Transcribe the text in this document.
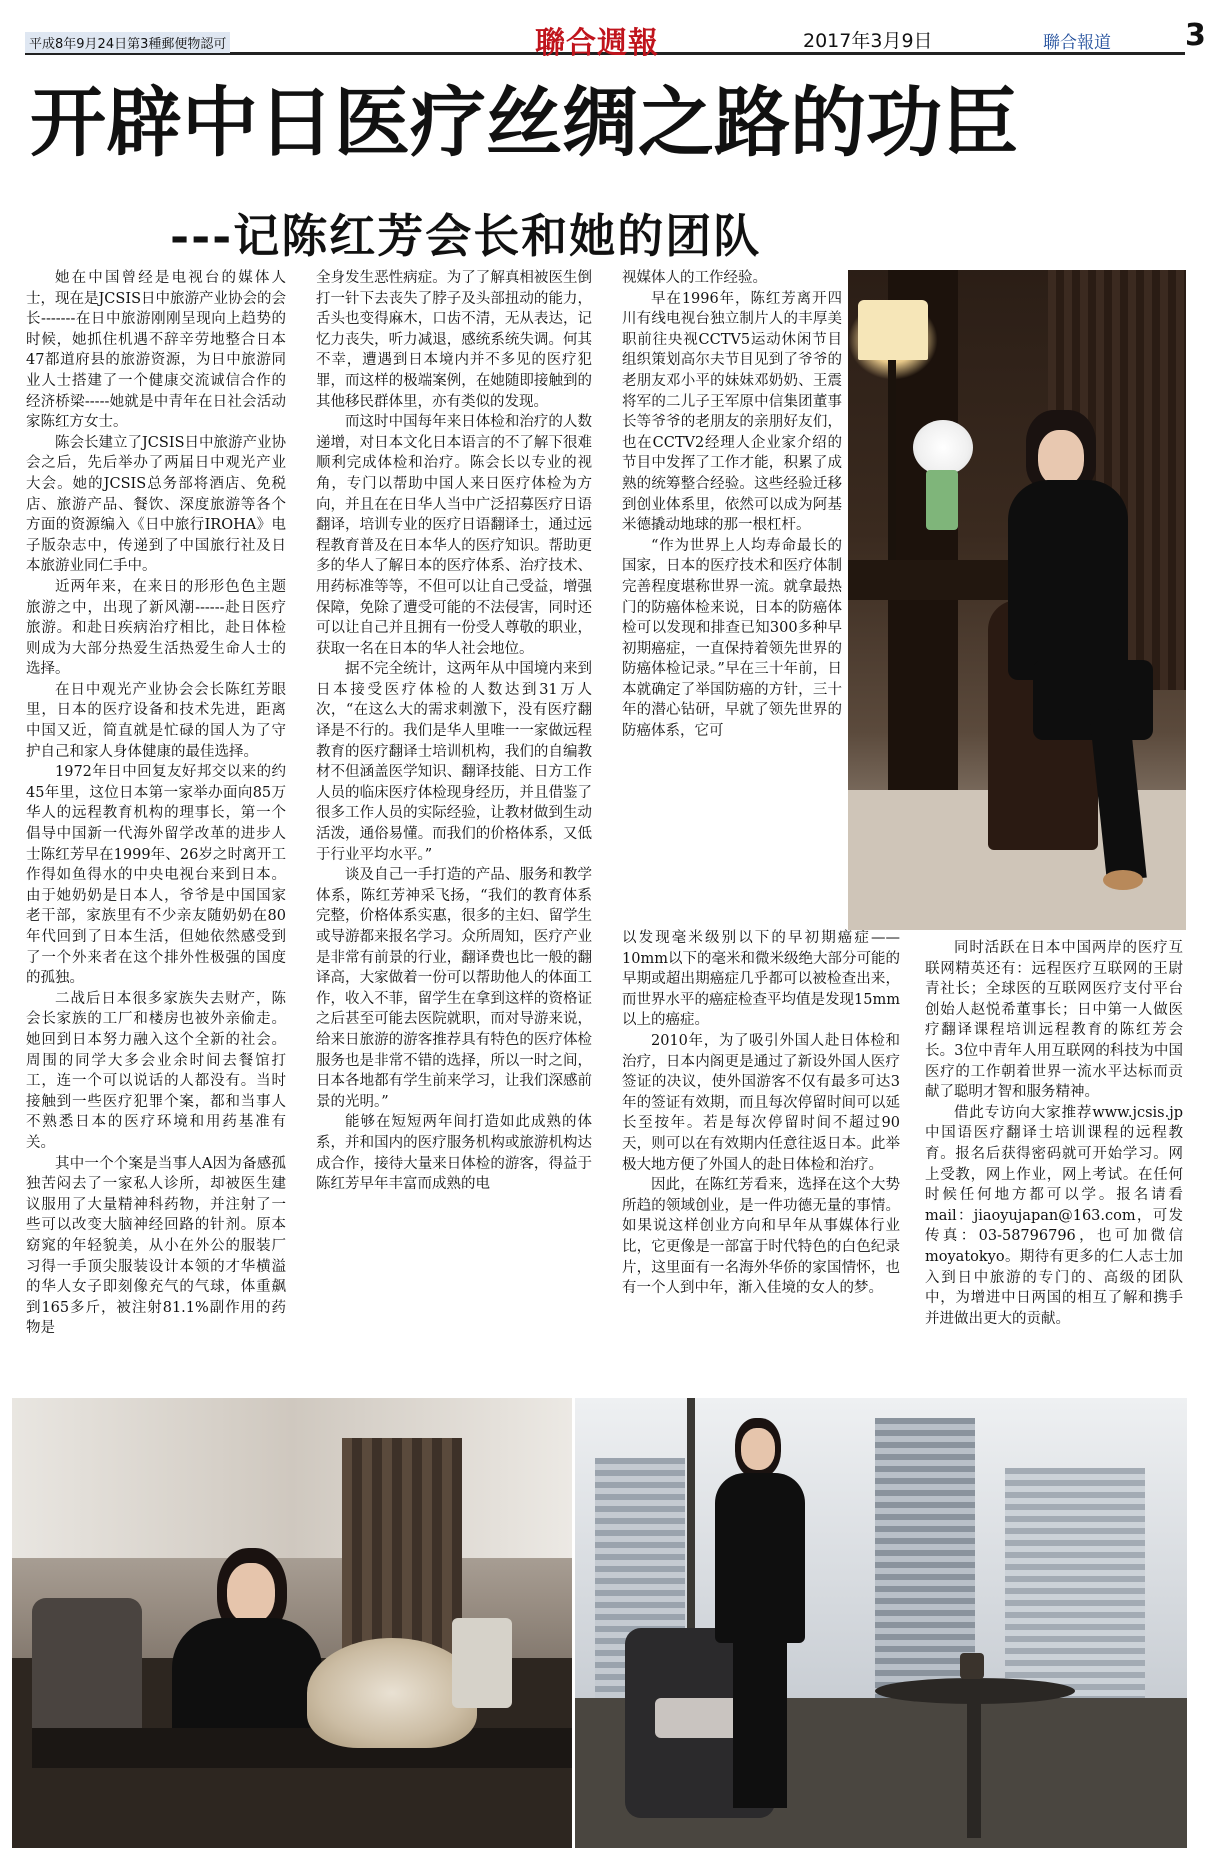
平成8年9月24日第3種郵便物認可	聯合週報	2017年3月9日	聯合報道 3
开辟中日医疗丝绸之路的功臣
---记陈红芳会长和她的团队

她在中国曾经是电视台的媒体人士，现在是JCSIS日中旅游产业协会的会长-------在日中旅游刚刚呈现向上趋势的时候，她抓住机遇不辞辛劳地整合日本47都道府县的旅游资源，为日中旅游同业人士搭建了一个健康交流诚信合作的经济桥梁-----她就是中青年在日社会活动家陈红方女士。

陈会长建立了JCSIS日中旅游产业协会之后，先后举办了两届日中观光产业大会。她的JCSIS总务部将酒店、免税店、旅游产品、餐饮、深度旅游等各个方面的资源编入《日中旅行IROHA》电子版杂志中，传递到了中国旅行社及日本旅游业同仁手中。

近两年来，在来日的形形色色主题旅游之中，出现了新风潮------赴日医疗旅游。和赴日疾病治疗相比，赴日体检则成为大部分热爱生活热爱生命人士的选择。

在日中观光产业协会会长陈红芳眼里，日本的医疗设备和技术先进，距离中国又近，简直就是忙碌的国人为了守护自己和家人身体健康的最佳选择。

1972年日中回复友好邦交以来的约45年里，这位日本第一家举办面向85万华人的远程教育机构的理事长，第一个倡导中国新一代海外留学改革的进步人士陈红芳早在1999年、26岁之时离开工作得如鱼得水的中央电视台来到日本。由于她奶奶是日本人，爷爷是中国国家老干部，家族里有不少亲友随奶奶在80年代回到了日本生活，但她依然感受到了一个外来者在这个排外性极强的国度的孤独。

二战后日本很多家族失去财产，陈会长家族的工厂和楼房也被外亲偷走。她回到日本努力融入这个全新的社会。周围的同学大多会业余时间去餐馆打工，连一个可以说话的人都没有。当时接触到一些医疗犯罪个案，都和当事人不熟悉日本的医疗环境和用药基准有关。

其中一个个案是当事人A因为备感孤独苦闷去了一家私人诊所，却被医生建议服用了大量精神科药物，并注射了一些可以改变大脑神经回路的针剂。原本窈窕的年轻貌美，从小在外公的服装厂习得一手顶尖服装设计本领的才华横溢的华人女子即刻像充气的气球，体重飙到165多斤，被注射81.1%副作用的药物是

全身发生恶性病症。为了了解真相被医生倒打一针下去丧失了脖子及头部扭动的能力，舌头也变得麻木，口齿不清，无从表达，记忆力丧失，听力减退，感统系统失调。何其不幸，遭遇到日本境内并不多见的医疗犯罪，而这样的极端案例，在她随即接触到的其他移民群体里，亦有类似的发现。

而这时中国每年来日体检和治疗的人数递增，对日本文化日本语言的不了解下很难顺利完成体检和治疗。陈会长以专业的视角，专门以帮助中国人来日医疗体检为方向，并且在在日华人当中广泛招募医疗日语翻译，培训专业的医疗日语翻译士，通过远程教育普及在日本华人的医疗知识。帮助更多的华人了解日本的医疗体系、治疗技术、用药标准等等，不但可以让自己受益，增强保障，免除了遭受可能的不法侵害，同时还可以让自己并且拥有一份受人尊敬的职业，获取一名在日本的华人社会地位。

据不完全统计，这两年从中国境内来到日本接受医疗体检的人数达到31万人次，“在这么大的需求刺激下，没有医疗翻译是不行的。我们是华人里唯一一家做远程教育的医疗翻译士培训机构，我们的自编教材不但涵盖医学知识、翻译技能、日方工作人员的临床医疗体检现身经历，并且借鉴了很多工作人员的实际经验，让教材做到生动活泼，通俗易懂。而我们的价格体系，又低于行业平均水平。”

谈及自己一手打造的产品、服务和教学体系，陈红芳神采飞扬，“我们的教育体系完整，价格体系实惠，很多的主妇、留学生或导游都来报名学习。众所周知，医疗产业是非常有前景的行业，翻译费也比一般的翻译高，大家做着一份可以帮助他人的体面工作，收入不菲，留学生在拿到这样的资格证之后甚至可能去医院就职，而对导游来说，给来日旅游的游客推荐具有特色的医疗体检服务也是非常不错的选择，所以一时之间，日本各地都有学生前来学习，让我们深感前景的光明。”

能够在短短两年间打造如此成熟的体系，并和国内的医疗服务机构或旅游机构达成合作，接待大量来日体检的游客，得益于陈红芳早年丰富而成熟的电

视媒体人的工作经验。

早在1996年，陈红芳离开四川有线电视台独立制片人的丰厚美职前往央视CCTV5运动休闲节目组织策划高尔夫节目见到了爷爷的老朋友邓小平的妹妹邓奶奶、王震将军的二儿子王军原中信集团董事长等爷爷的老朋友的亲朋好友们，也在CCTV2经理人企业家介绍的节目中发挥了工作才能，积累了成熟的统筹整合经验。这些经验迁移到创业体系里，依然可以成为阿基米德撬动地球的那一根杠杆。

“作为世界上人均寿命最长的国家，日本的医疗技术和医疗体制完善程度堪称世界一流。就拿最热门的防癌体检来说，日本的防癌体检可以发现和排查已知300多种早初期癌症，一直保持着领先世界的防癌体检记录。”早在三十年前，日本就确定了举国防癌的方针，三十年的潜心钻研，早就了领先世界的防癌体系，它可

以发现毫米级别以下的早初期癌症——10mm以下的毫米和微米级绝大部分可能的早期或超出期癌症几乎都可以被检查出来，而世界水平的癌症检查平均值是发现15mm以上的癌症。

2010年，为了吸引外国人赴日体检和治疗，日本内阁更是通过了新设外国人医疗签证的决议，使外国游客不仅有最多可达3年的签证有效期，而且每次停留时间可以延长至按年。若是每次停留时间不超过90天，则可以在有效期内任意往返日本。此举极大地方便了外国人的赴日体检和治疗。

因此，在陈红芳看来，选择在这个大势所趋的领域创业，是一件功德无量的事情。如果说这样创业方向和早年从事媒体行业比，它更像是一部富于时代特色的白色纪录片，这里面有一名海外华侨的家国情怀，也有一个人到中年，渐入佳境的女人的梦。

同时活跃在日本中国两岸的医疗互联网精英还有：远程医疗互联网的王尉青社长；全球医的互联网医疗支付平台创始人赵悦希董事长；日中第一人做医疗翻译课程培训远程教育的陈红芳会长。3位中青年人用互联网的科技为中国医疗的工作朝着世界一流水平达标而贡献了聪明才智和服务精神。

借此专访向大家推荐www.jcsis.jp中国语医疗翻译士培训课程的远程教育。报名后获得密码就可开始学习。网上受教，网上作业，网上考试。在任何时候任何地方都可以学。报名请看mail：jiaoyujapan@163.com，可发传真：03-58796796，也可加微信moyatokyo。期待有更多的仁人志士加入到日中旅游的专门的、高级的团队中，为增进中日两国的相互了解和携手并进做出更大的贡献。
